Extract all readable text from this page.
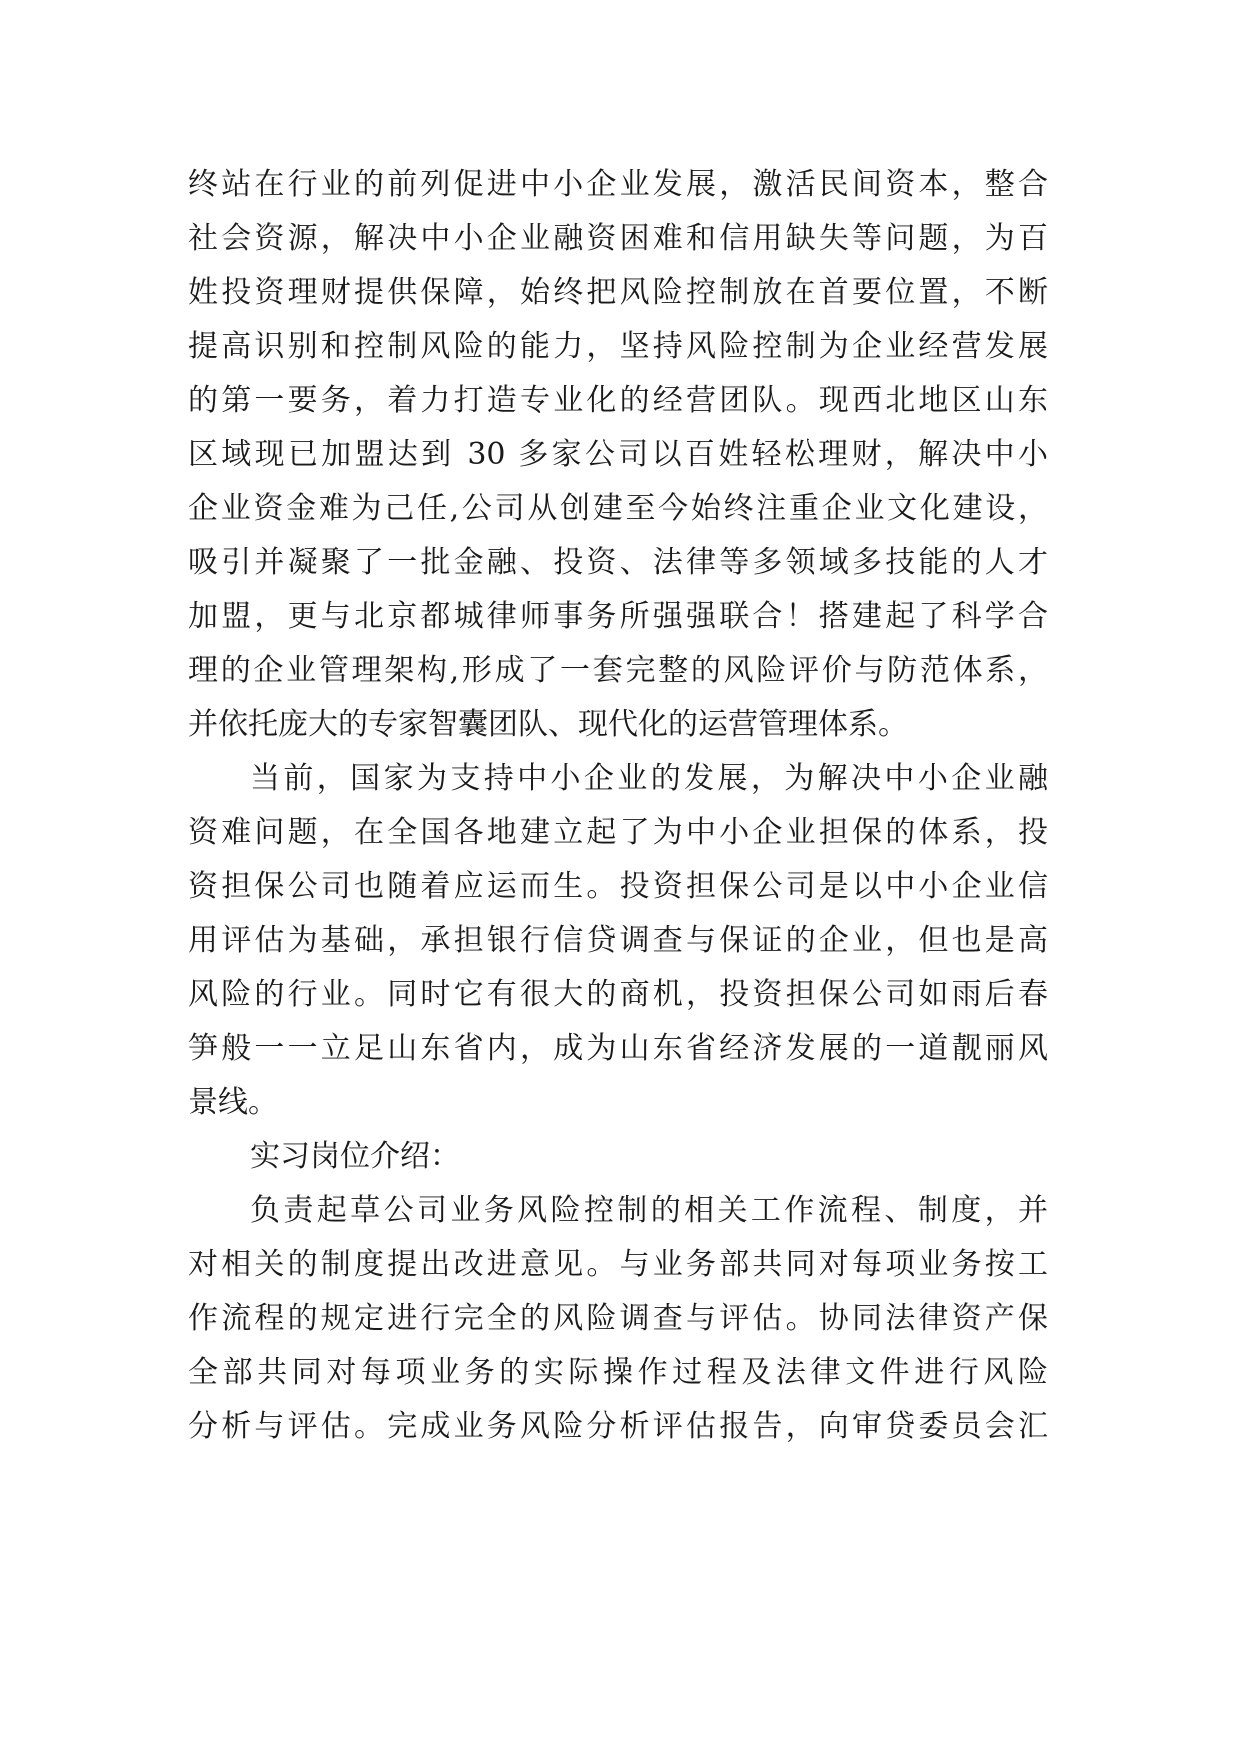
终站在行业的前列促进中小企业发展，激活民间资本，整合
社会资源，解决中小企业融资困难和信用缺失等问题，为百
姓投资理财提供保障，始终把风险控制放在首要位置，不断
提高识别和控制风险的能力，坚持风险控制为企业经营发展
的第一要务，着力打造专业化的经营团队。现西北地区山东
区域现已加盟达到 30 多家公司以百姓轻松理财，解决中小
企业资金难为己任,公司从创建至今始终注重企业文化建设，
吸引并凝聚了一批金融、投资、法律等多领域多技能的人才
加盟，更与北京都城律师事务所强强联合！搭建起了科学合
理的企业管理架构,形成了一套完整的风险评价与防范体系，
并依托庞大的专家智囊团队、现代化的运营管理体系。
当前，国家为支持中小企业的发展，为解决中小企业融
资难问题，在全国各地建立起了为中小企业担保的体系，投
资担保公司也随着应运而生。投资担保公司是以中小企业信
用评估为基础，承担银行信贷调查与保证的企业，但也是高
风险的行业。同时它有很大的商机，投资担保公司如雨后春
笋般一一立足山东省内，成为山东省经济发展的一道靓丽风
景线。
实习岗位介绍：
负责起草公司业务风险控制的相关工作流程、制度，并
对相关的制度提出改进意见。与业务部共同对每项业务按工
作流程的规定进行完全的风险调查与评估。协同法律资产保
全部共同对每项业务的实际操作过程及法律文件进行风险
分析与评估。完成业务风险分析评估报告，向审贷委员会汇
